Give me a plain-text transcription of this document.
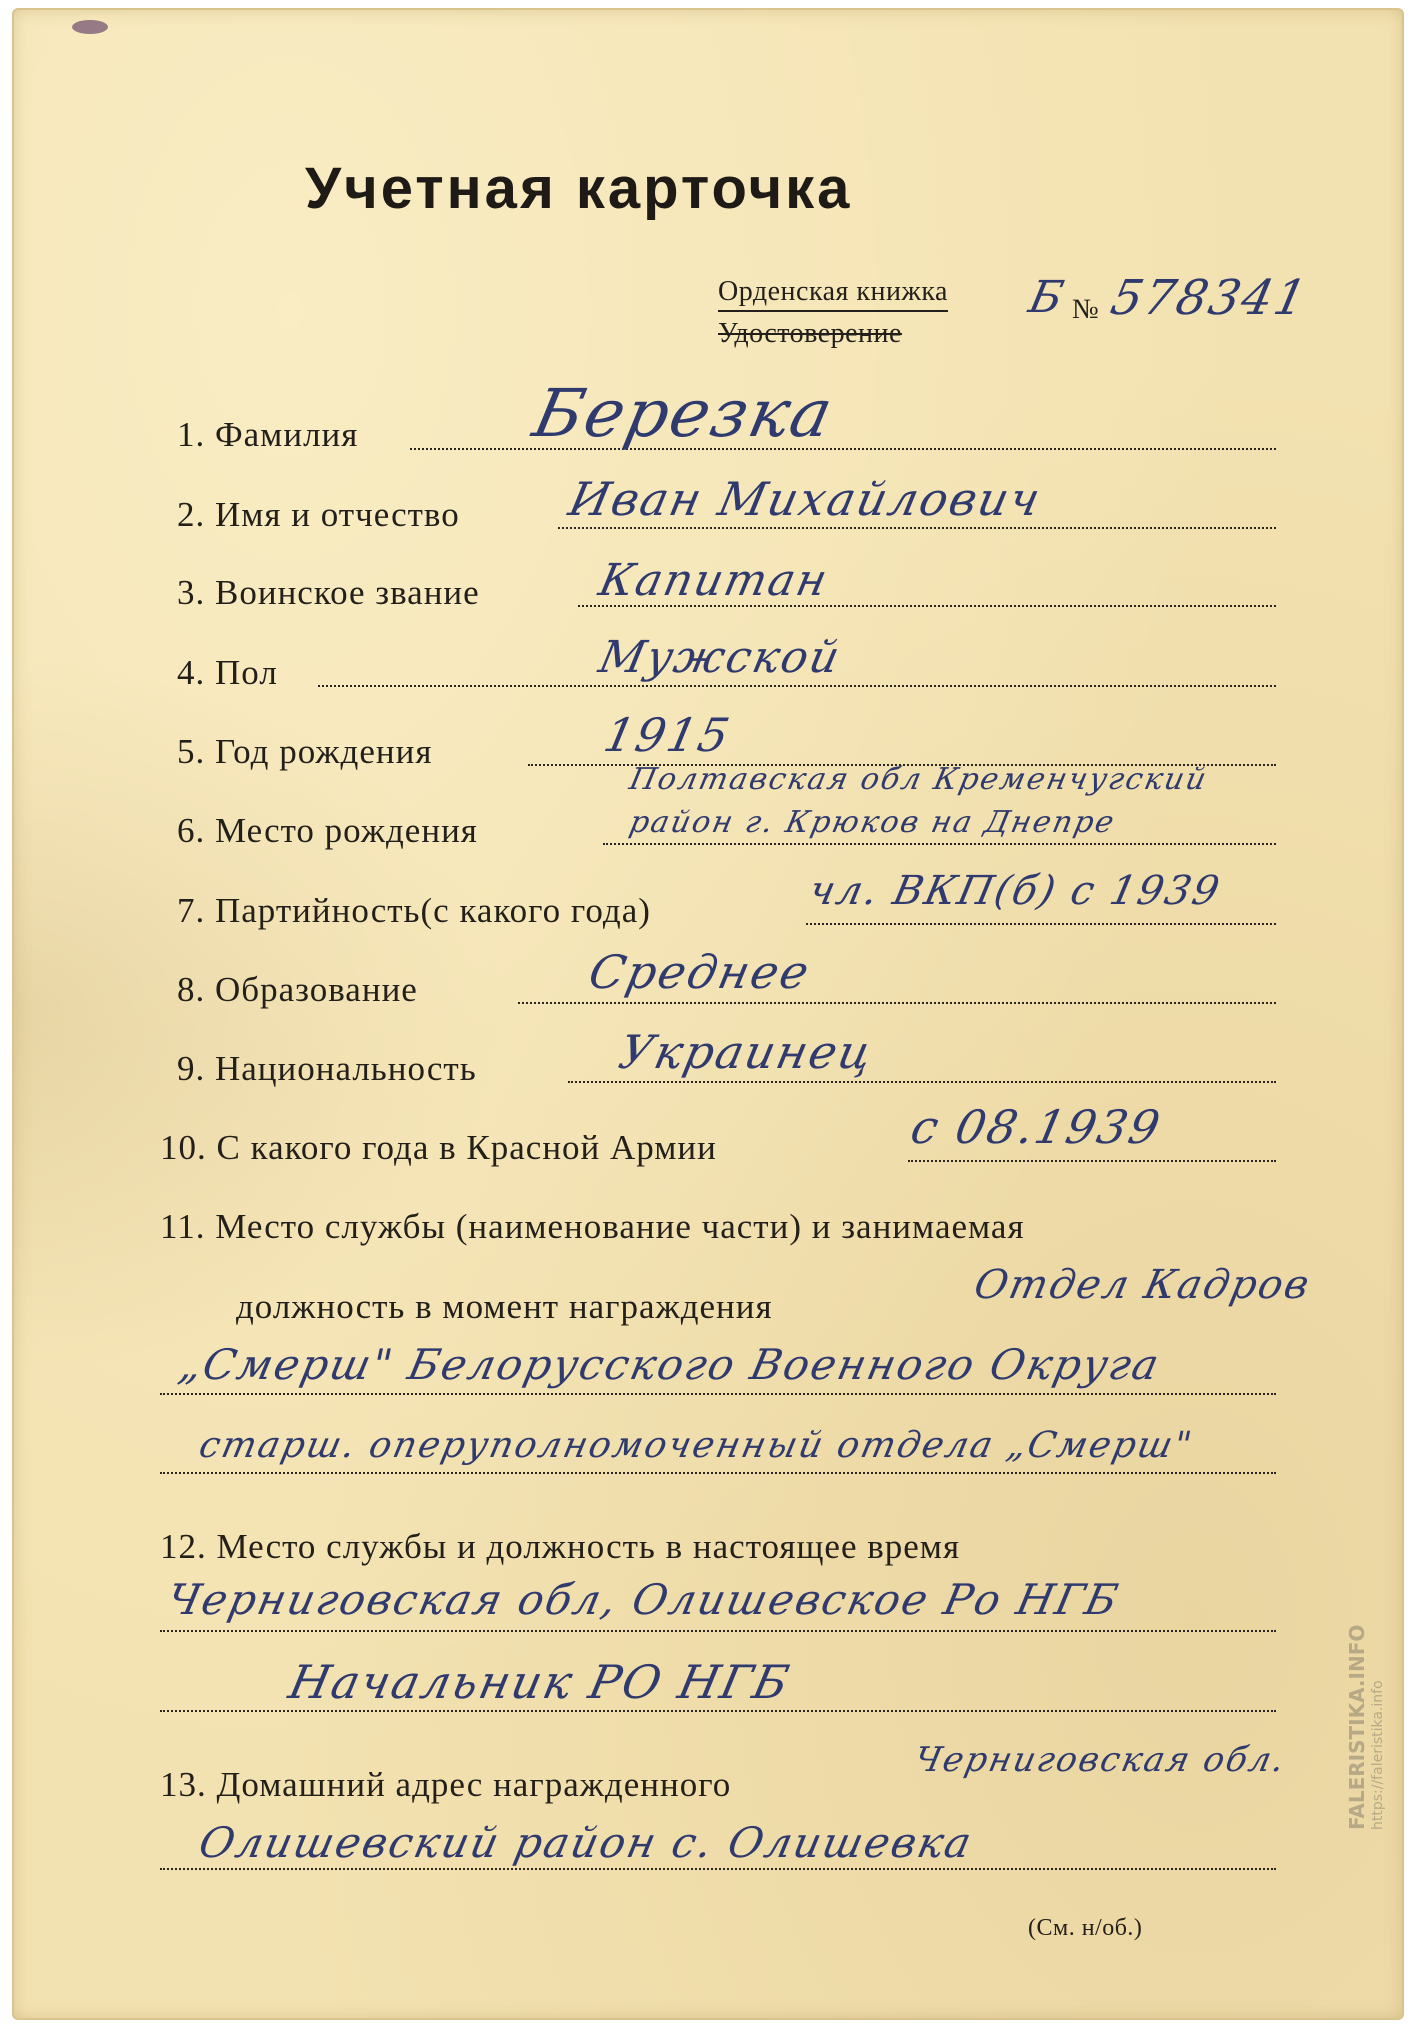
Учетная карточка
Орденская книжка
Удостоверение
Б № 578341
1. Фамилия	Березка
2. Имя и отчество Иван Михайлович
3. Воинское звание	Капитан
4. Пол	Мужской
5. Год рождения	1915
6. Место рождения
Полтавская обл Кременчугский
район г. Крюков на Днепре
7. Партийность(с какого года)	чл. ВКП(б) с 1939
8. Образование	Среднее
9. Национальность	Украинец
10. С какого года в Красной Армии	с 08.1939
11. Место службы (наименование части) и занимаемая
должность в момент награждения	Отдел Кадров
„Смерш" Белорусского Военного Округа
старш. оперуполномоченный отдела „Смерш"
12. Место службы и должность в настоящее время
Черниговская обл, Олишевское Ро НГБ
Начальник РО НГБ
13. Домашний адрес награжденного
Черниговская обл.
Олишевский район с. Олишевка
(См. н/об.)
FALERISTIKA.INFO https://faleristika.info
